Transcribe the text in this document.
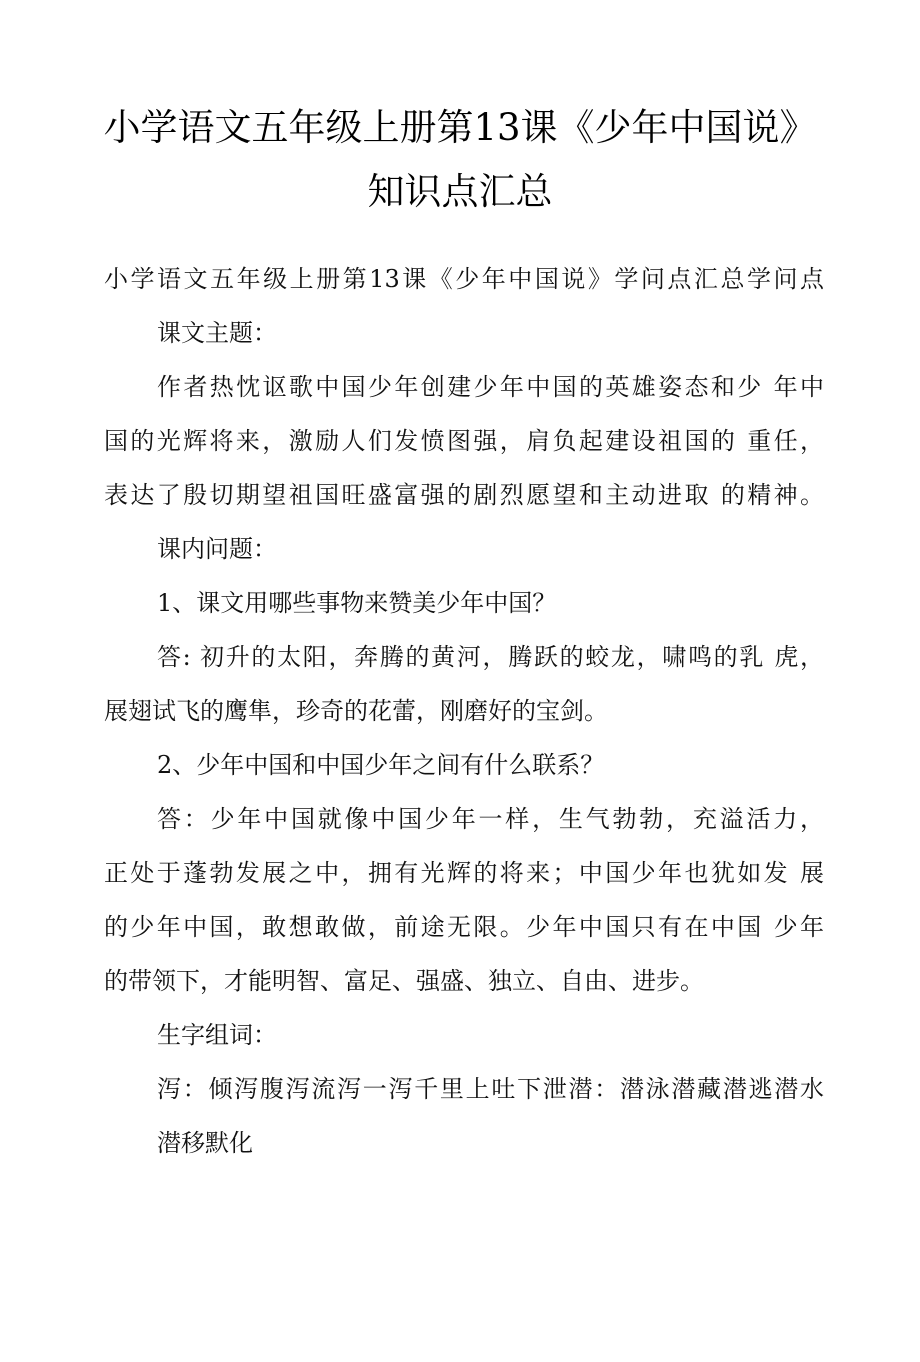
小学语文五年级上册第13课《少年中国说》
知识点汇总
小学语文五年级上册第13课《少年中国说》学问点汇总学问点
课文主题：
作者热忱讴歌中国少年创建少年中国的英雄姿态和少 年中
国的光辉将来，激励人们发愤图强，肩负起建设祖国的 重任，
表达了殷切期望祖国旺盛富强的剧烈愿望和主动进取 的精神。
课内问题：
1、课文用哪些事物来赞美少年中国？
答: 初升的太阳，奔腾的黄河，腾跃的蛟龙，啸鸣的乳 虎，
展翅试飞的鹰隼，珍奇的花蕾，刚磨好的宝剑。
2、少年中国和中国少年之间有什么联系？
答：少年中国就像中国少年一样，生气勃勃，充溢活力，
正处于蓬勃发展之中，拥有光辉的将来；中国少年也犹如发 展
的少年中国，敢想敢做，前途无限。少年中国只有在中国 少年
的带领下，才能明智、富足、强盛、独立、自由、进步。
生字组词：
泻：倾泻腹泻流泻一泻千里上吐下泄潜：潜泳潜藏潜逃潜水
潜移默化
